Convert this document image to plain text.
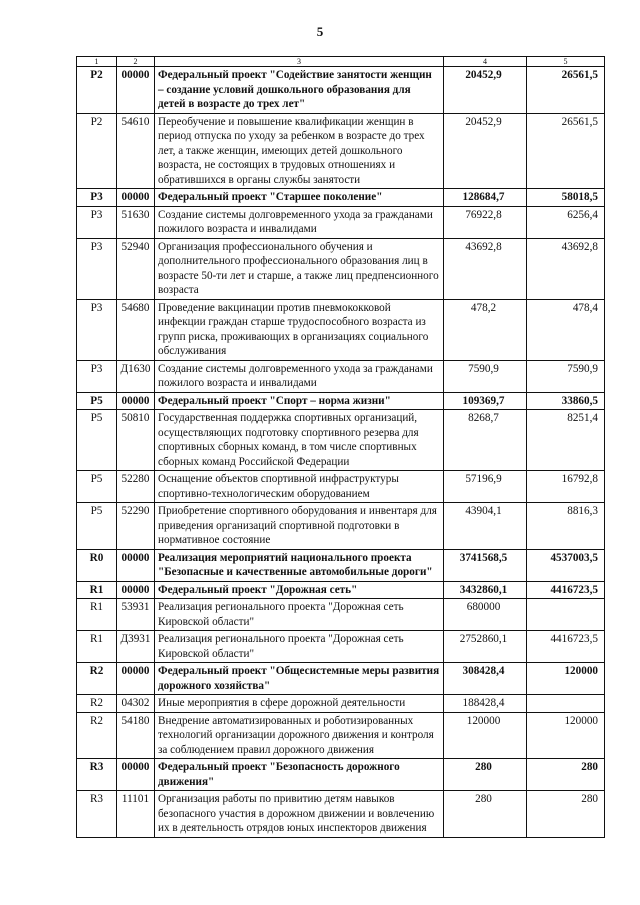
5
1	2	3	4	5
Р2	00000	Федеральный проект "Содействие занятости женщин – создание условий дошкольного образования для детей в возрасте до трех лет"	20452,9	26561,5
Р2	54610	Переобучение и повышение квалификации женщин в период отпуска по уходу за ребенком в возрасте до трех лет, а также женщин, имеющих детей дошкольного возраста, не состоящих в трудовых отношениях и обратившихся в органы службы занятости	20452,9	26561,5
Р3	00000	Федеральный проект "Старшее поколение"	128684,7	58018,5
Р3	51630	Создание системы долговременного ухода за гражданами пожилого возраста и инвалидами	76922,8	6256,4
Р3	52940	Организация профессионального обучения и дополнительного профессионального образования лиц в возрасте 50-ти лет и старше, а также лиц предпенсионного возраста	43692,8	43692,8
Р3	54680	Проведение вакцинации против пневмококковой инфекции граждан старше трудоспособного возраста из групп риска, проживающих в организациях социального обслуживания	478,2	478,4
Р3	Д1630	Создание системы долговременного ухода за гражданами пожилого возраста и инвалидами	7590,9	7590,9
Р5	00000	Федеральный проект "Спорт – норма жизни"	109369,7	33860,5
Р5	50810	Государственная поддержка спортивных организаций, осуществляющих подготовку спортивного резерва для спортивных сборных команд, в том числе спортивных сборных команд Российской Федерации	8268,7	8251,4
Р5	52280	Оснащение объектов спортивной инфраструктуры спортивно-технологическим оборудованием	57196,9	16792,8
Р5	52290	Приобретение спортивного оборудования и инвентаря для приведения организаций спортивной подготовки в нормативное состояние	43904,1	8816,3
R0	00000	Реализация мероприятий национального проекта "Безопасные и качественные автомобильные дороги"	3741568,5	4537003,5
R1	00000	Федеральный проект "Дорожная сеть"	3432860,1	4416723,5
R1	53931	Реализация регионального проекта "Дорожная сеть Кировской области"	680000	
R1	Д3931	Реализация регионального проекта "Дорожная сеть Кировской области"	2752860,1	4416723,5
R2	00000	Федеральный проект "Общесистемные меры развития дорожного хозяйства"	308428,4	120000
R2	04302	Иные мероприятия в сфере дорожной деятельности	188428,4	
R2	54180	Внедрение автоматизированных и роботизированных технологий организации дорожного движения и контроля за соблюдением правил дорожного движения	120000	120000
R3	00000	Федеральный проект "Безопасность дорожного движения"	280	280
R3	11101	Организация работы по привитию детям навыков безопасного участия в дорожном движении и вовлечению их в деятельность отрядов юных инспекторов движения	280	280
